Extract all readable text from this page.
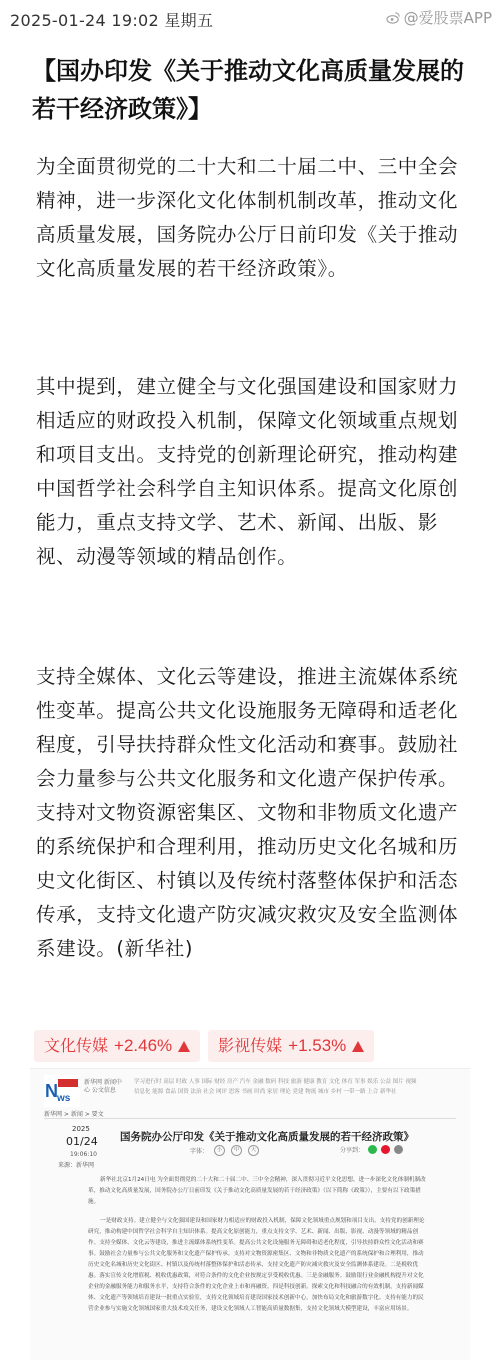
2025-01-24 19:02 星期五	@爱股票APP
【国办印发《关于推动文化高质量发展的若干经济政策》】

为全面贯彻党的二十大和二十届二中、三中全会精神，进一步深化文化体制机制改革，推动文化高质量发展，国务院办公厅日前印发《关于推动文化高质量发展的若干经济政策》。

其中提到，建立健全与文化强国建设和国家财力相适应的财政投入机制，保障文化领域重点规划和项目支出。支持党的创新理论研究，推动构建中国哲学社会科学自主知识体系。提高文化原创能力，重点支持文学、艺术、新闻、出版、影视、动漫等领域的精品创作。

支持全媒体、文化云等建设，推进主流媒体系统性变革。提高公共文化设施服务无障碍和适老化程度，引导扶持群众性文化活动和赛事。鼓励社会力量参与公共文化服务和文化遗产保护传承。支持对文物资源密集区、文物和非物质文化遗产的系统保护和合理利用，推动历史文化名城和历史文化街区、村镇以及传统村落整体保护和活态传承，支持文化遗产防灾减灾救灾及安全监测体系建设。(新华社)

文化传媒 +2.46%	影视传媒 +1.53%
N ws
新华网 新闻中心 公文信息
学习进行时 高层 时政 人事 国际 财经 房产 汽车 金融 数码 科技 旅游 健康 教育 文化 体育 军事 娱乐 公益 图片 视频
信息化 能源 食品 国资 法治 社会 网评 思客 书画 时尚 家居 理论 党建 物流 城市 乡村 一带一路 上合 新华社
新华网 > 新闻 > 要文
2025
01/24
19:06:10
来源：新华网
国务院办公厅印发《关于推动文化高质量发展的若干经济政策》
字体：	小	中	大	分享到：

新华社北京1月24日电 为全面贯彻党的二十大和二十届二中、三中全会精神，深入贯彻习近平文化思想，进一步深化文化体制机制改革，推动文化高质量发展，国务院办公厅日前印发《关于推动文化高质量发展的若干经济政策》（以下简称《政策》），主要有以下政策措施。

一是财政支持。建立健全与文化强国建设和国家财力相适应的财政投入机制，保障文化领域重点规划和项目支出。支持党的创新理论研究，推动构建中国哲学社会科学自主知识体系。提高文化原创能力，重点支持文学、艺术、新闻、出版、影视、动漫等领域的精品创作。支持全媒体、文化云等建设，推进主流媒体系统性变革。提高公共文化设施服务无障碍和适老化程度，引导扶持群众性文化活动和赛事。鼓励社会力量参与公共文化服务和文化遗产保护传承。支持对文物资源密集区、文物和非物质文化遗产的系统保护和合理利用，推动历史文化名城和历史文化街区、村镇以及传统村落整体保护和活态传承，支持文化遗产防灾减灾救灾及安全监测体系建设。二是税收优惠。落实宣传文化增值税、税收优惠政策，对符合条件的文化企业按规定享受税收优惠。三是金融服务。鼓励银行业金融机构提升对文化企业的金融服务能力和服务水平，支持符合条件的文化企业上市和再融资。四是科技创新。探索文化和科技融合的有效机制，支持新闻媒体、文化遗产等领域培育建设一批重点实验室，支持文化领域培育建设国家技术创新中心，加快布局文化和旅游数字化。支持有能力的民营企业参与实施文化领域国家重大技术攻关任务，建设文化领域人工智能高质量数据集，支持文化领域大模型建设，丰富应用场景。
